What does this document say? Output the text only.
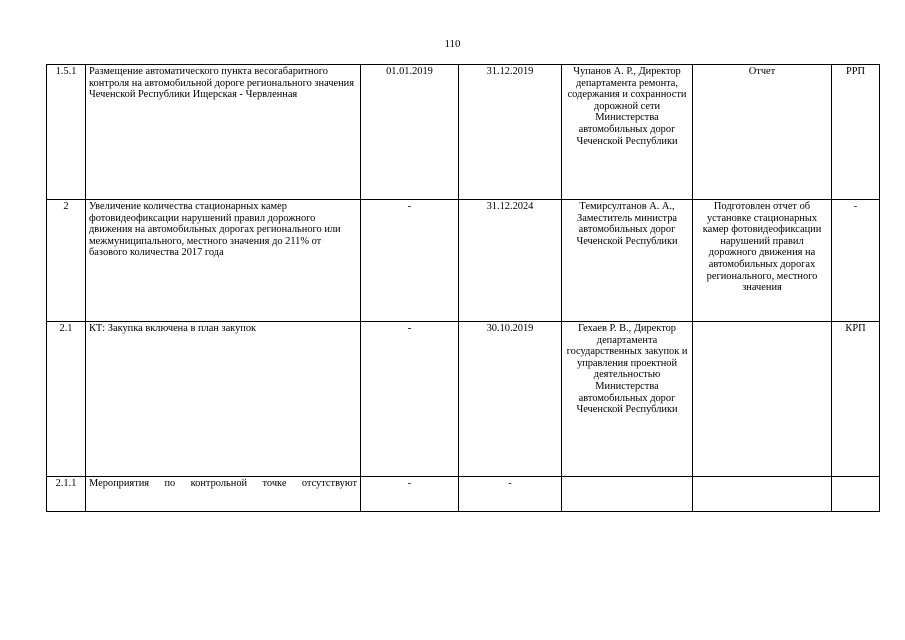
110
1.5.1	Размещение автоматического пункта весогабаритного контроля на автомобильной дороге регионального значения Чеченской Республики Ищерская - Червленная	01.01.2019	31.12.2019	Чупанов А. Р., Директор департамента ремонта, содержания и сохранности дорожной сети Министерства автомобильных дорог Чеченской Республики	Отчет	РРП
2	Увеличение количества стационарных камер фотовидеофиксации нарушений правил дорожного движения на автомобильных дорогах регионального или межмуниципального, местного значения до 211% от базового количества 2017 года	-	31.12.2024	Темирсултанов А. А., Заместитель министра автомобильных дорог Чеченской Республики	Подготовлен отчет об установке стационарных камер фотовидеофиксации нарушений правил дорожного движения на автомобильных дорогах регионального, местного значения	-
2.1	КТ: Закупка включена в план закупок	-	30.10.2019	Гехаев Р. В., Директор департамента государственных закупок и управления проектной деятельностью Министерства автомобильных дорог Чеченской Республики		КРП
2.1.1	Мероприятия по контрольной точке отсутствуют	-	-			
